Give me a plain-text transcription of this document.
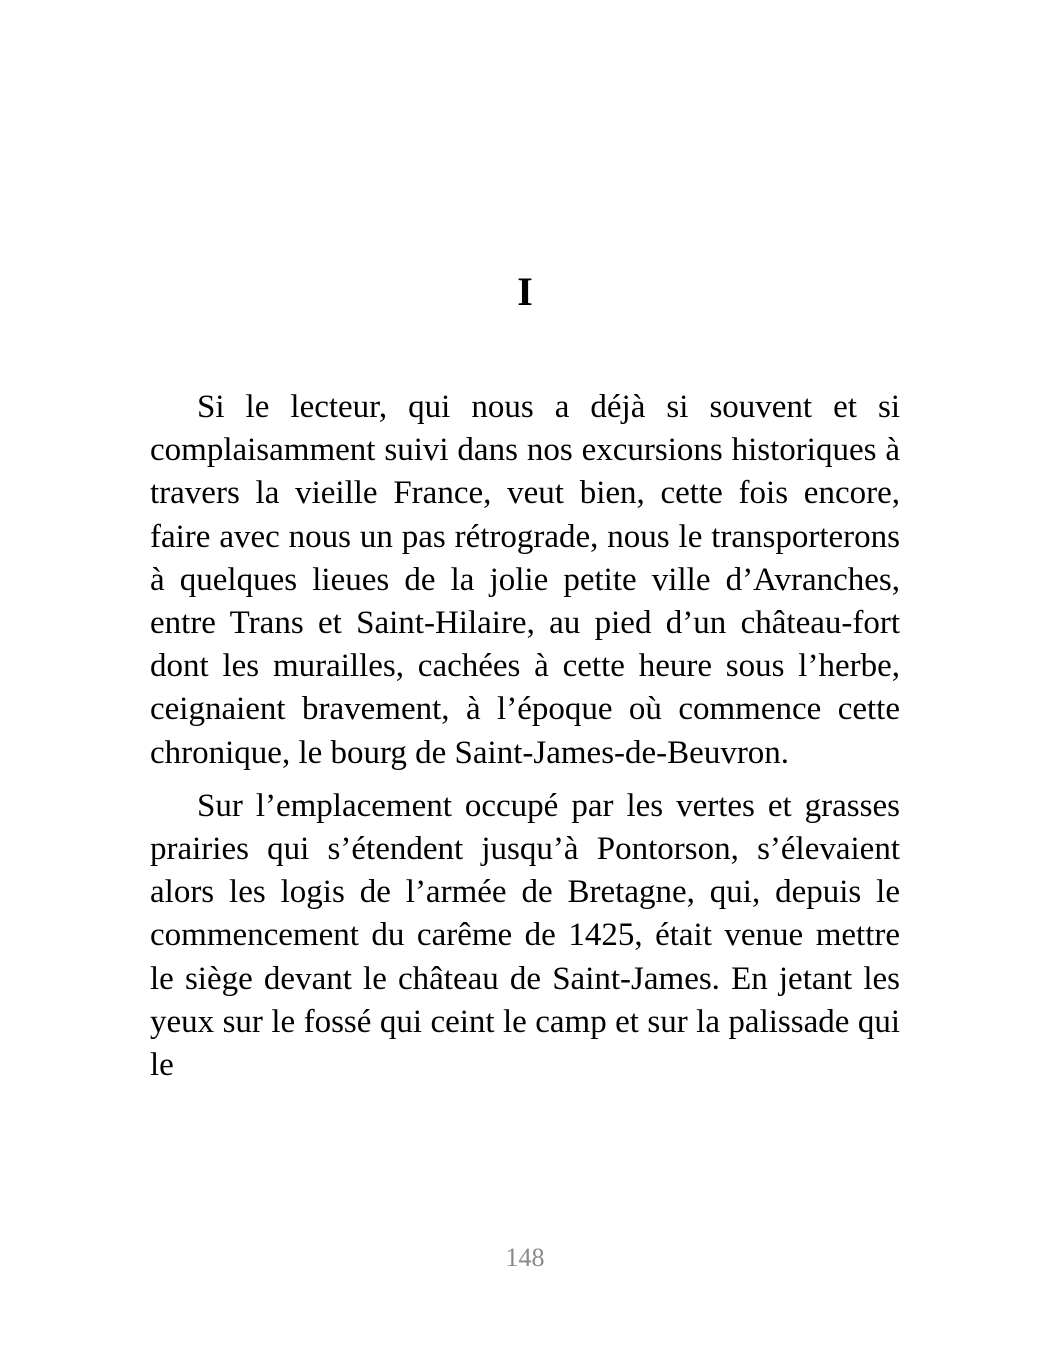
I

Si le lecteur, qui nous a déjà si souvent et si complaisamment suivi dans nos excursions historiques à travers la vieille France, veut bien, cette fois encore, faire avec nous un pas rétrograde, nous le transporterons à quelques lieues de la jolie petite ville d’Avranches, entre Trans et Saint-Hilaire, au pied d’un château-fort dont les murailles, cachées à cette heure sous l’herbe, ceignaient bravement, à l’époque où commence cette chronique, le bourg de Saint-James-de-Beuvron.

Sur l’emplacement occupé par les vertes et grasses prairies qui s’étendent jusqu’à Pontorson, s’élevaient alors les logis de l’armée de Bretagne, qui, depuis le commencement du carême de 1425, était venue mettre le siège devant le château de Saint-James. En jetant les yeux sur le fossé qui ceint le camp et sur la palissade qui le

148
